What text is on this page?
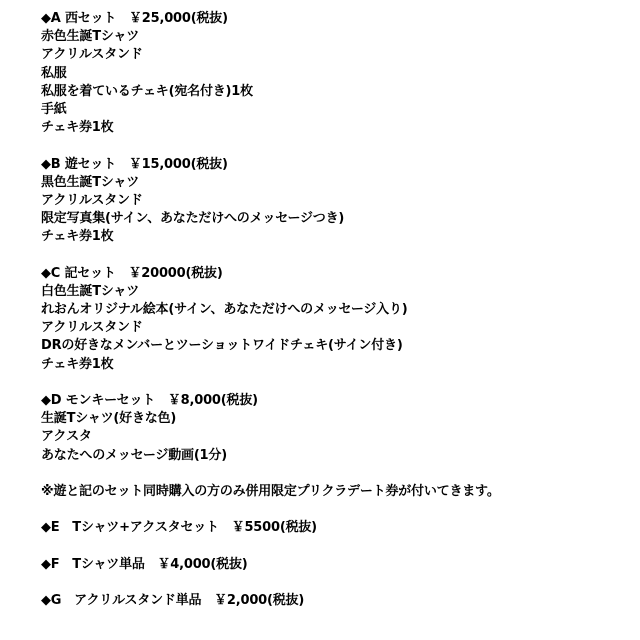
◆A 西セット　￥25,000(税抜)
赤色生誕Tシャツ
アクリルスタンド
私服
私服を着ているチェキ(宛名付き)1枚
手紙
チェキ券1枚
◆B 遊セット　￥15,000(税抜)
黒色生誕Tシャツ
アクリルスタンド
限定写真集(サイン、あなただけへのメッセージつき)
チェキ券1枚
◆C 記セット　￥20000(税抜)
白色生誕Tシャツ
れおんオリジナル絵本(サイン、あなただけへのメッセージ入り)
アクリルスタンド
DRの好きなメンバーとツーショットワイドチェキ(サイン付き)
チェキ券1枚
◆D モンキーセット　￥8,000(税抜)
生誕Tシャツ(好きな色)
アクスタ
あなたへのメッセージ動画(1分)
※遊と記のセット同時購入の方のみ併用限定プリクラデート券が付いてきます。
◆E　Tシャツ+アクスタセット　￥5500(税抜)
◆F　Tシャツ単品　￥4,000(税抜)
◆G　アクリルスタンド単品　￥2,000(税抜)
